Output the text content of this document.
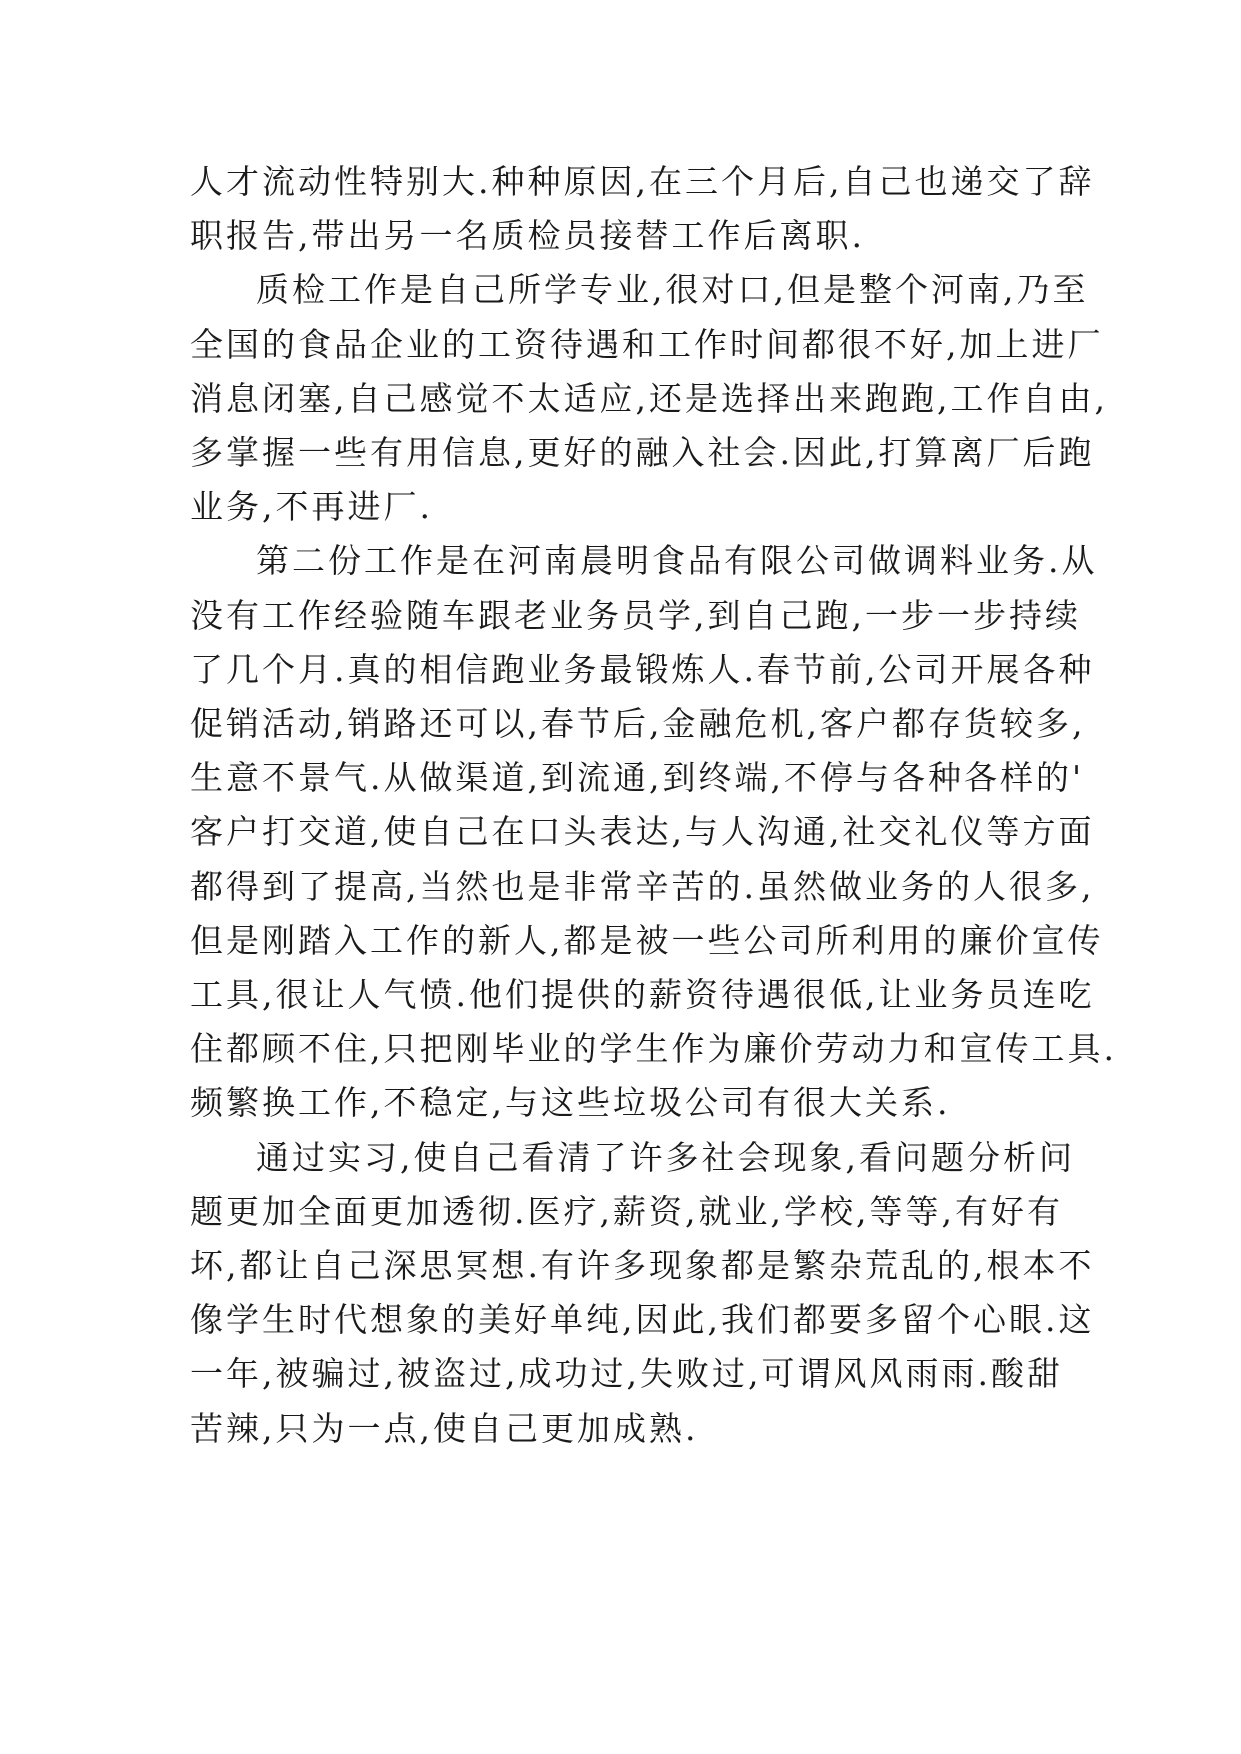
人才流动性特别大.种种原因,在三个月后,自己也递交了辞
职报告,带出另一名质检员接替工作后离职.

质检工作是自己所学专业,很对口,但是整个河南,乃至
全国的食品企业的工资待遇和工作时间都很不好,加上进厂
消息闭塞,自己感觉不太适应,还是选择出来跑跑,工作自由,
多掌握一些有用信息,更好的融入社会.因此,打算离厂后跑
业务,不再进厂.

第二份工作是在河南晨明食品有限公司做调料业务.从
没有工作经验随车跟老业务员学,到自己跑,一步一步持续
了几个月.真的相信跑业务最锻炼人.春节前,公司开展各种
促销活动,销路还可以,春节后,金融危机,客户都存货较多,
生意不景气.从做渠道,到流通,到终端,不停与各种各样的'
客户打交道,使自己在口头表达,与人沟通,社交礼仪等方面
都得到了提高,当然也是非常辛苦的.虽然做业务的人很多,
但是刚踏入工作的新人,都是被一些公司所利用的廉价宣传
工具,很让人气愤.他们提供的薪资待遇很低,让业务员连吃
住都顾不住,只把刚毕业的学生作为廉价劳动力和宣传工具.
频繁换工作,不稳定,与这些垃圾公司有很大关系.

通过实习,使自己看清了许多社会现象,看问题分析问
题更加全面更加透彻.医疗,薪资,就业,学校,等等,有好有
坏,都让自己深思冥想.有许多现象都是繁杂荒乱的,根本不
像学生时代想象的美好单纯,因此,我们都要多留个心眼.这
一年,被骗过,被盗过,成功过,失败过,可谓风风雨雨.酸甜
苦辣,只为一点,使自己更加成熟.
